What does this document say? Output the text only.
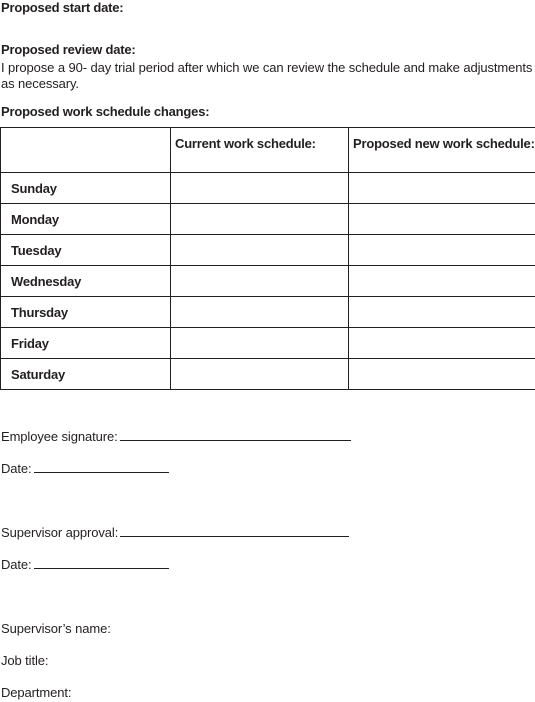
Proposed start date:
Proposed review date:
I propose a 90- day trial period after which we can review the schedule and make adjustments
as necessary.
Proposed work schedule changes:
	Current work schedule:	Proposed new work schedule:
Sunday		
Monday		
Tuesday		
Wednesday		
Thursday		
Friday		
Saturday		
Employee signature:
Date:
Supervisor approval:
Date:
Supervisor’s name:
Job title:
Department:
